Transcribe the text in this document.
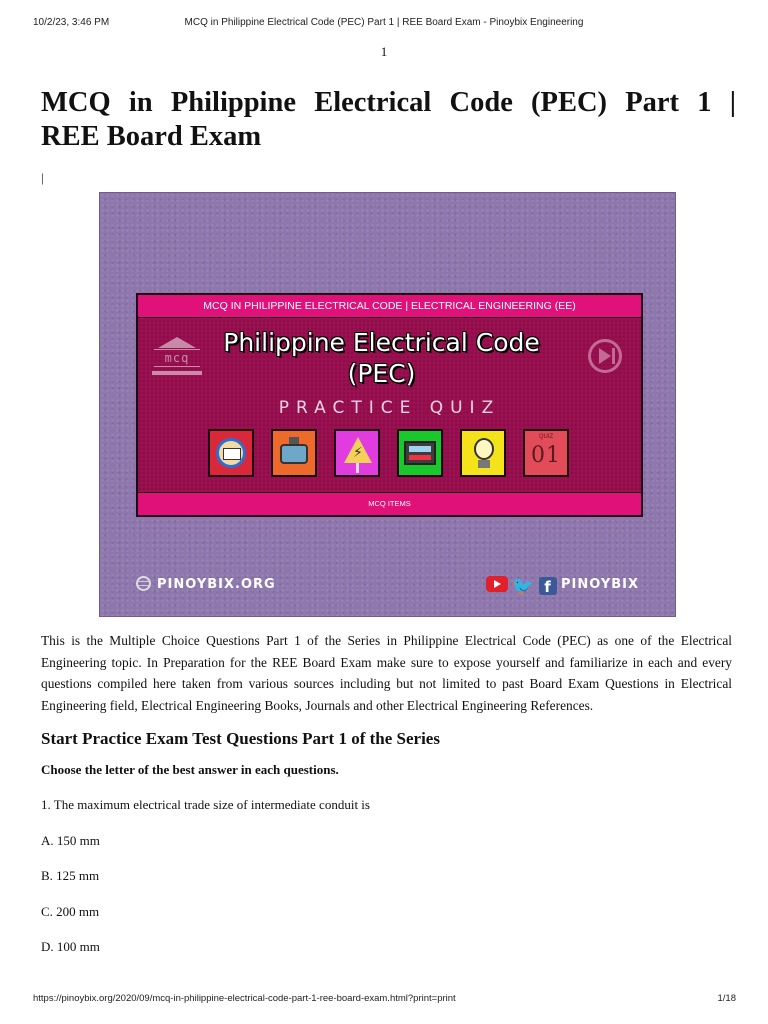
10/2/23, 3:46 PM	MCQ in Philippine Electrical Code (PEC) Part 1 | REE Board Exam - Pinoybix Engineering
1
MCQ in Philippine Electrical Code (PEC) Part 1 |
REE Board Exam
|
MCQ IN PHILIPPINE ELECTRICAL CODE | ELECTRICAL ENGINEERING (EE)
mcq
Philippine Electrical Code
(PEC)
PRACTICE QUIZ
⚡
QUIZ
01
MCQ ITEMS
PINOYBIX.ORG	🐦 f PINOYBIX

This is the Multiple Choice Questions Part 1 of the Series in Philippine Electrical Code (PEC) as one of the Electrical Engineering topic. In Preparation for the REE Board Exam make sure to expose yourself and familiarize in each and every questions compiled here taken from various sources including but not limited to past Board Exam Questions in Electrical Engineering field, Electrical Engineering Books, Journals and other Electrical Engineering References.

Start Practice Exam Test Questions Part 1 of the Series

Choose the letter of the best answer in each questions.

1. The maximum electrical trade size of intermediate conduit is

A. 150 mm

B. 125 mm

C. 200 mm

D. 100 mm

https://pinoybix.org/2020/09/mcq-in-philippine-electrical-code-part-1-ree-board-exam.html?print=print	1/18
